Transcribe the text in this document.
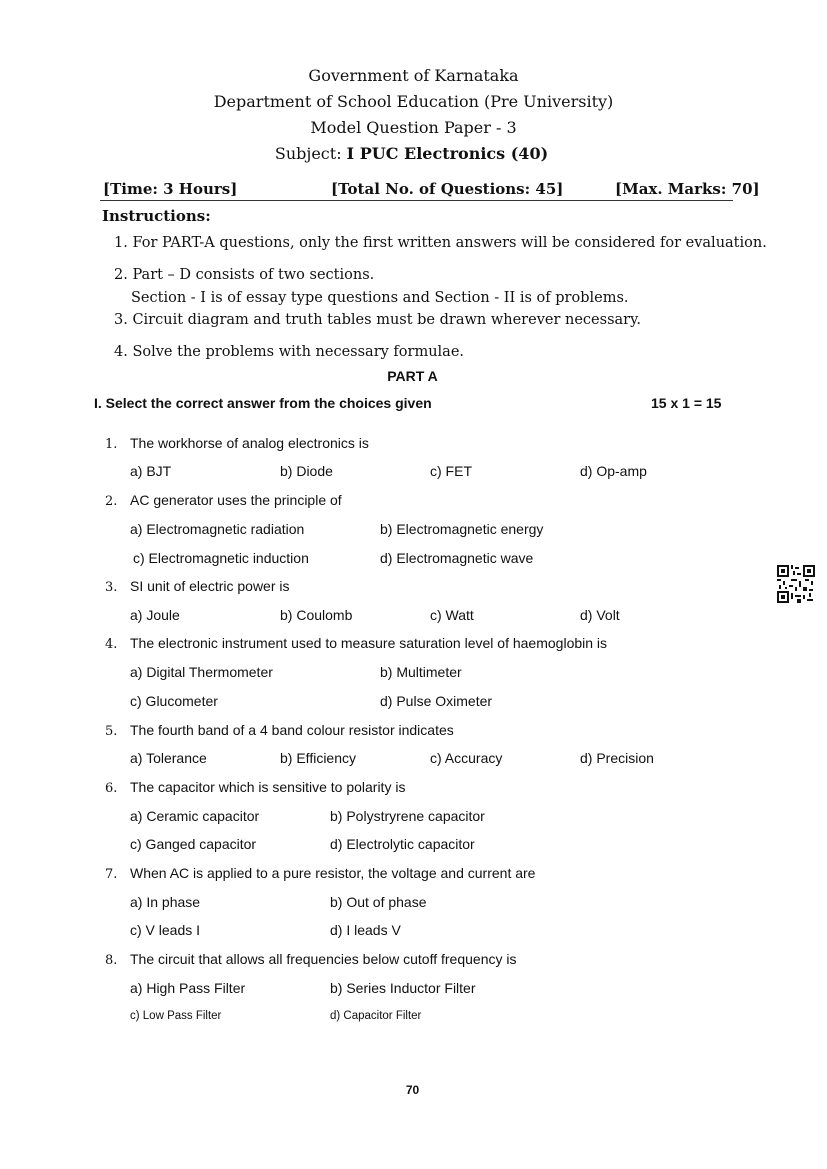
Government of Karnataka
Department of School Education (Pre University)
Model Question Paper - 3
Subject: I PUC Electronics (40)
[Time: 3 Hours]	[Total No. of Questions: 45]	[Max. Marks: 70]
Instructions:
1. For PART-A questions, only the first written answers will be considered for evaluation.
2. Part – D consists of two sections.
Section - I is of essay type questions and Section - II is of problems.
3. Circuit diagram and truth tables must be drawn wherever necessary.
4. Solve the problems with necessary formulae.
PART A
I. Select the correct answer from the choices given	15 x 1 = 15
1. The workhorse of analog electronics is
a) BJT	b) Diode	c) FET	d) Op-amp
2. AC generator uses the principle of
a) Electromagnetic radiation	b) Electromagnetic energy
c) Electromagnetic induction	d) Electromagnetic wave
3. SI unit of electric power is
a) Joule	b) Coulomb	c) Watt	d) Volt
4. The electronic instrument used to measure saturation level of haemoglobin is
a) Digital Thermometer	b) Multimeter
c) Glucometer	d) Pulse Oximeter
5. The fourth band of a 4 band colour resistor indicates
a) Tolerance	b) Efficiency	c) Accuracy	d) Precision
6. The capacitor which is sensitive to polarity is
a) Ceramic capacitor	b) Polystryrene capacitor
c) Ganged capacitor	d) Electrolytic capacitor
7. When AC is applied to a pure resistor, the voltage and current are
a) In phase	b) Out of phase
c) V leads I	d) I leads V
8. The circuit that allows all frequencies below cutoff frequency is
a) High Pass Filter	b) Series Inductor Filter
c) Low Pass Filter	d) Capacitor Filter
70
